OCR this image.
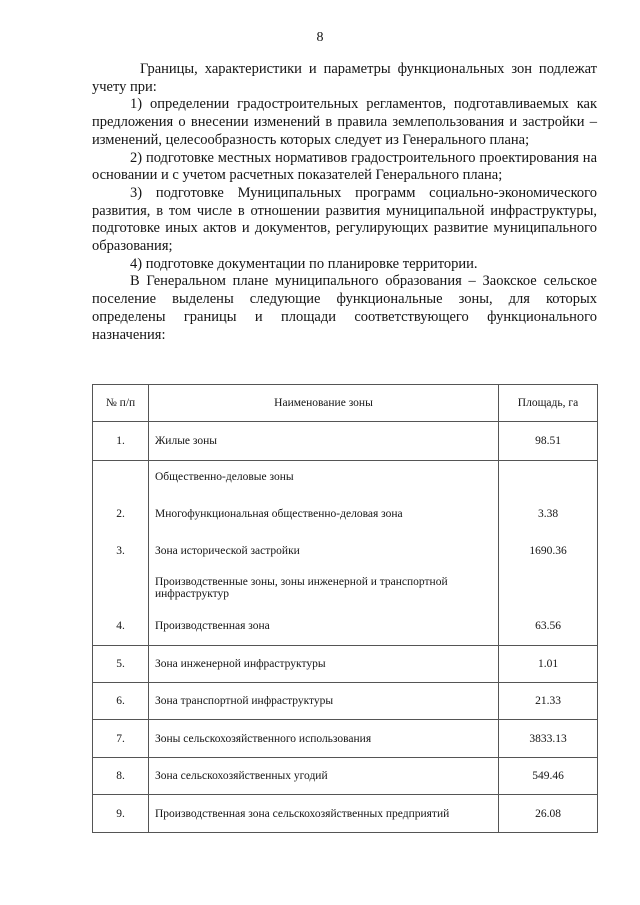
8

Границы, характеристики и параметры функциональных зон подлежат учету при:

1) определении градостроительных регламентов, подготавливаемых как предложения о внесении изменений в правила землепользования и застройки – изменений, целесообразность которых следует из Генерального плана;

2) подготовке местных нормативов градостроительного проектирования на основании и с учетом расчетных показателей Генерального плана;

3) подготовке Муниципальных программ социально-экономического развития, в том числе в отношении развития муниципальной инфраструктуры, подготовке иных актов и документов, регулирующих развитие муниципального образования;

4) подготовке документации по планировке территории.

В Генеральном плане муниципального образования – Заокское сельское поселение выделены следующие функциональные зоны, для которых определены границы и площади соответствующего функционального назначения:

№ п/п	Наименование зоны	Площадь, га
1.	Жилые зоны	98.51
	Общественно-деловые зоны	
2.	Многофункциональная общественно-деловая зона	3.38
3.	Зона исторической застройки	1690.36
	Производственные зоны, зоны инженерной и транспортной инфраструктур	
4.	Производственная зона	63.56
5.	Зона инженерной инфраструктуры	1.01
6.	Зона транспортной инфраструктуры	21.33
7.	Зоны сельскохозяйственного использования	3833.13
8.	Зона сельскохозяйственных угодий	549.46
9.	Производственная зона сельскохозяйственных предприятий	26.08
